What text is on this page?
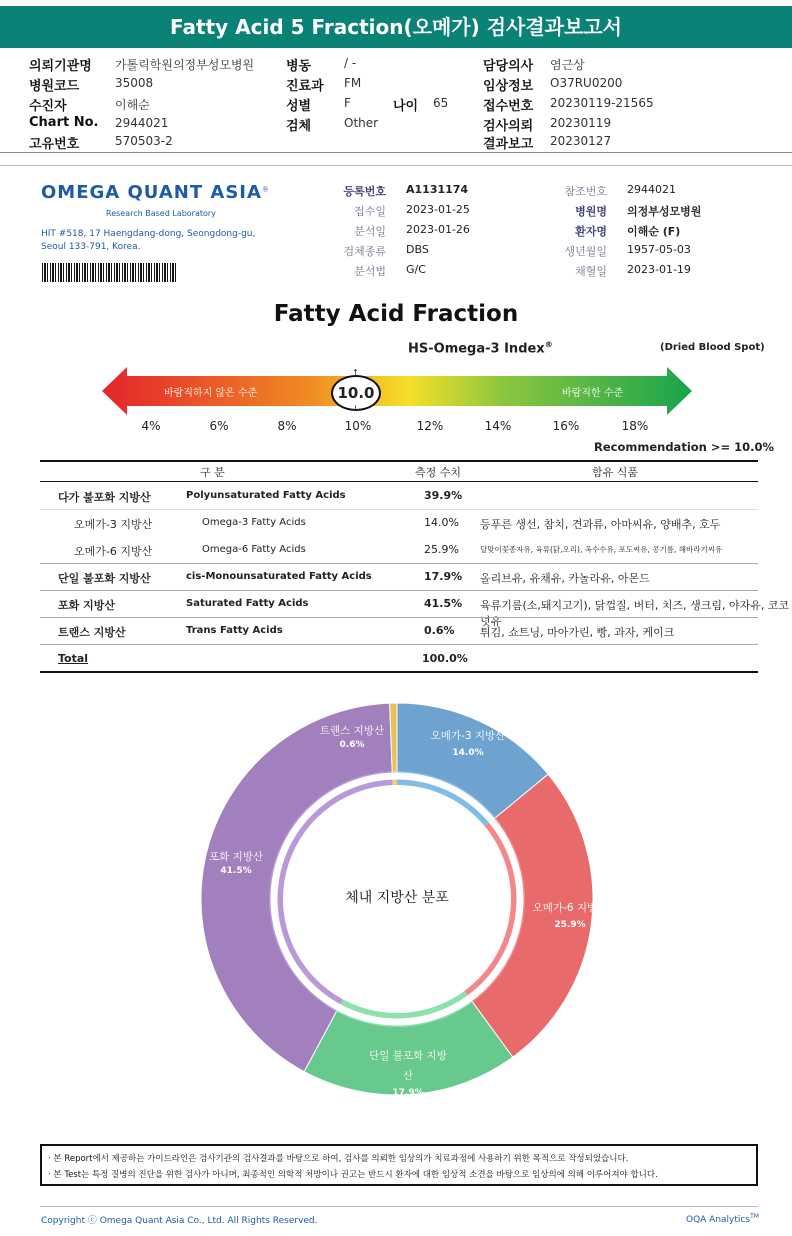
Fatty Acid 5 Fraction(오메가) 검사결과보고서
의뢰기관명 가톨릭학원의정부성모병원
병원코드	35008
수진자	이해순
Chart No. 2944021
고유번호	570503-2
병동	/ -
진료과 FM
성별	F
검체	Other
나이 65
담당의사 염근상
임상정보 O37RU0200
접수번호 20230119-21565
검사의뢰 20230119
결과보고 20230127
OMEGA QUANT ASIA®
Research Based Laboratory
HIT #518, 17 Haengdang-dong, Seongdong-gu,
Seoul 133-791, Korea.
등록번호 A1131174
접수일 2023-01-25
분석일 2023-01-26
검체종류 DBS
분석법 G/C
참조번호 2944021
병원명 의정부성모병원
환자명 이해순 (F)
생년월일 1957-05-03
채혈일 2023-01-19
Fatty Acid Fraction
HS-Omega-3 Index®	(Dried Blood Spot)
바람직하지 않은 수준	바람직한 수준
10.0
↑
↓
4%	6%	8%	10%	12%	14%	16%	18%
Recommendation >= 10.0%
구 분	측정 수치	함유 식품
다가 불포화 지방산	Polyunsaturated Fatty Acids	39.9%
오메가-3 지방산	Omega-3 Fatty Acids	14.0% 등푸른 생선, 참치, 견과류, 아마씨유, 양배추, 호두
오메가-6 지방산	Omega-6 Fatty Acids	25.9%	달맞이꽃종자유, 육류(닭,오리), 옥수수유, 포도씨유, 콩기름, 해바라기씨유
단일 불포화 지방산	cis-Monounsaturated Fatty Acids	17.9% 올리브유, 유채유, 카놀라유, 아몬드
포화 지방산	Saturated Fatty Acids	41.5% 육류기름(소,돼지고기), 닭껍질, 버터, 치즈, 생크림, 야자유, 코코넛유
트랜스 지방산	Trans Fatty Acids	0.6% 튀김, 쇼트닝, 마아가린, 빵, 과자, 케이크
Total	100.0%
체내 지방산 분포
오메가-3 지방산
14.0%
오메가-6 지방산
25.9%
단일 불포화 지방산
17.9%
포화 지방산
41.5%
트랜스 지방산
0.6%
· 본 Report에서 제공하는 가이드라인은 검사기관의 검사결과를 바탕으로 하여, 검사를 의뢰한 임상의가 치료과정에 사용하기 위한 목적으로 작성되었습니다.
· 본 Test는 특정 질병의 진단을 위한 검사가 아니며, 최종적인 의학적 처방이나 권고는 반드시 환자에 대한 임상적 소견을 바탕으로 임상의에 의해 이루어져야 합니다.
Copyright ⓒ Omega Quant Asia Co., Ltd. All Rights Reserved.	OQA Analytics™
